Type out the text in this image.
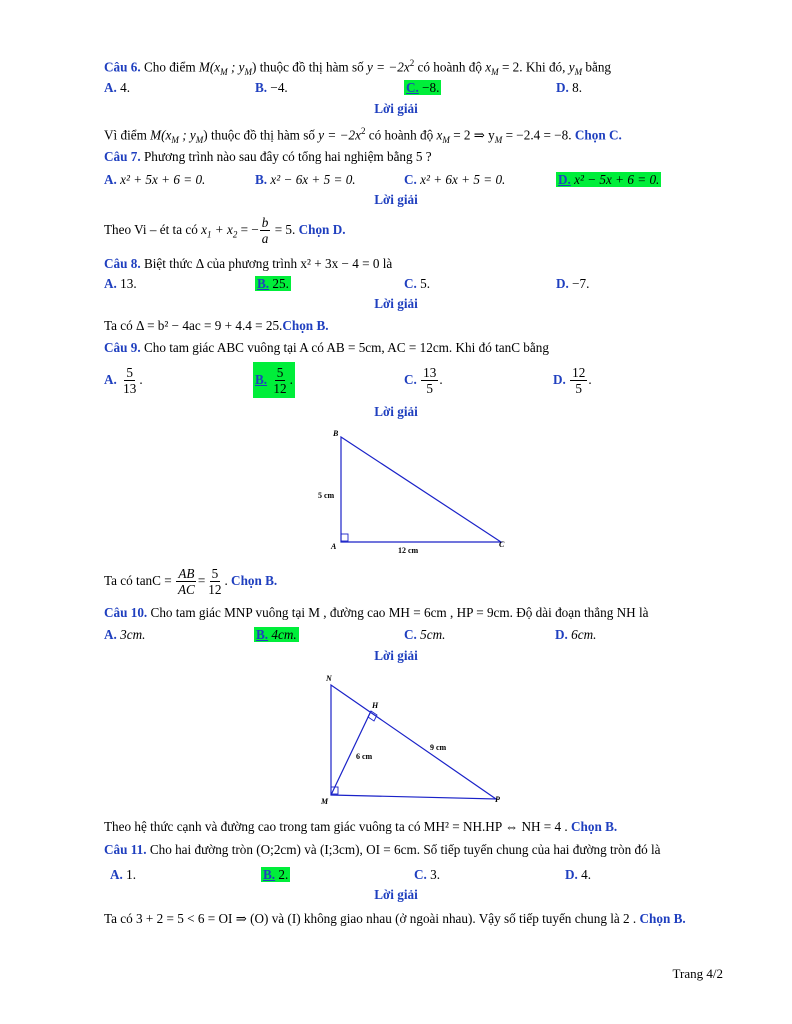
Câu 6. Cho điểm $M(x_M$ ; $y_M$) thuộc đồ thị hàm số $y = -2x^2$ có hoành độ $x_M = 2$. Khi đó, $y_M$ bằng
A. 4.	B. −4.	C. −8.	D. 8.
Lời giải
Vì điểm $M(x_M$ ; $y_M$) thuộc đồ thị hàm số $y = -2x^2$ có hoành độ $x_M = 2$ ⇒ $y_M = -2.4 = -8$. Chọn C.
Câu 7. Phương trình nào sau đây có tổng hai nghiệm bằng 5 ?
A. x² + 5x + 6 = 0.	B. x² − 6x + 5 = 0.	C. x² + 6x + 5 = 0.	D. x² − 5x + 6 = 0.
Lời giải
Theo Vi – ét ta có $x_1 + x_2$ = − $\frac{b}{a} = 5$. Chọn D.
Câu 8. Biệt thức Δ của phương trình x² + 3x − 4 = 0 là
A. 13.	B. 25.	C. 5.	D. −7.
Lời giải
Ta có Δ = b² − 4ac = 9 + 4.4 = 25.Chọn B.
Câu 9. Cho tam giác ABC vuông tại A có AB = 5cm, AC = 12cm. Khi đó tanC bằng
A. $\frac{5}{13}$ .	B. $\frac{5}{12}$ .	C. $\frac{13}{5}$ .	D. $\frac{12}{5}$ .
Lời giải
B
A	C
5 cm
12 cm
Ta có $\tan C = \frac{AB}{AC} = \frac{5}{12}$ . Chọn B.
Câu 10. Cho tam giác MNP vuông tại M , đường cao MH = 6cm , HP = 9cm. Độ dài đoạn thẳng NH là
A. 3cm.	B. 4cm.	C. 5cm.	D. 6cm.
Lời giải
N
H
M	P
6 cm
9 cm
Theo hệ thức cạnh và đường cao trong tam giác vuông ta có MH² = NH.HP ⇔ NH = 4 . Chọn B.
Câu 11. Cho hai đường tròn (O;2cm) và (I;3cm), OI = 6cm. Số tiếp tuyến chung của hai đường tròn đó là
A. 1.	B. 2.	C. 3.	D. 4.
Lời giải
Ta có 3 + 2 = 5 < 6 = OI ⇒ (O) và (I) không giao nhau (ở ngoài nhau). Vậy số tiếp tuyến chung là 2 . Chọn B.
Trang 4/2
